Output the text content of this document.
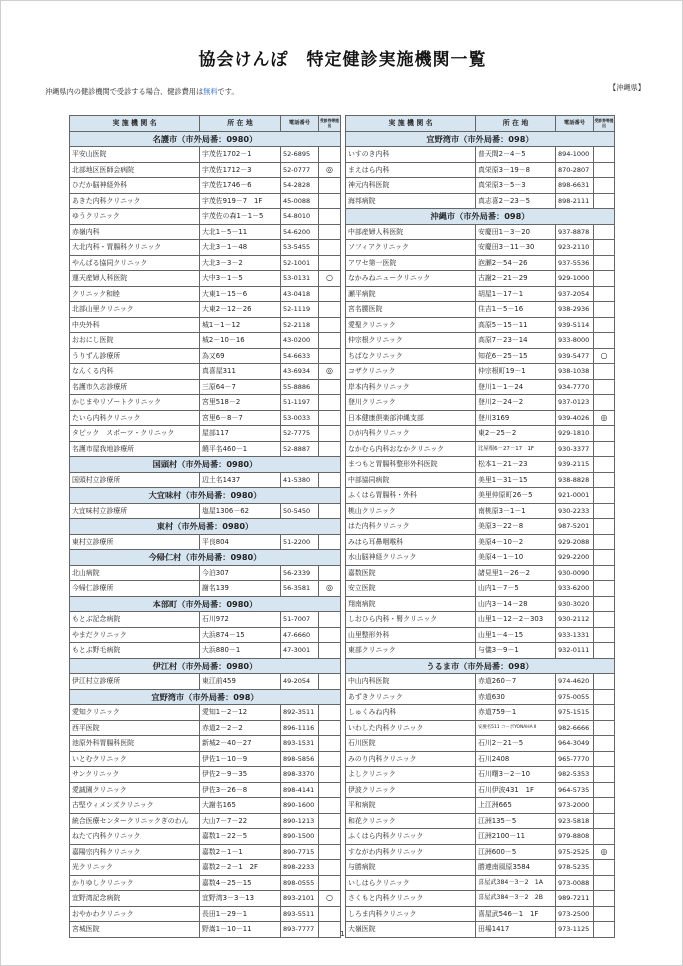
協会けんぽ　特定健診実施機関一覧
沖縄県内の健診機関で受診する場合、健診費用は無料です。	【沖縄県】
実 施 機 関 名	所 在 地	電話番号	受診券等提出
名護市（市外局番：0980）			
平安山医院	宇茂佐1702－1	52-6895	
北部地区医師会病院	宇茂佐1712－3	52-0777	◎
ひだか脳神経外科	宇茂佐1746－6	54-2828	
あきた内科クリニック	宇茂佐919－7　1F	45-0088	
ゆうクリニック	宇茂佐の森1－1－5	54-8010	
赤嶺内科	大北1－5－11	54-6200	
大北内科・胃腸科クリニック	大北3－1－48	53-5455	
やんばる協同クリニック	大北3－3－2	52-1001	
運天産婦人科医院	大中3－1－5	53-0131	○
クリニック和睦	大東1－15－6	43-0418	
北部山里クリニック	大東2－12－26	52-1119	
中央外科	城1－1－12	52-2118	
おおにし医院	城2－10－16	43-0200	
うりずん診療所	為又69	54-6633	
なんくる内科	真喜屋311	43-6934	◎
名護市久志診療所	三原64－7	55-8886	
かじまやリゾートクリニック	宮里518－2	51-1197	
たいら内科クリニック	宮里6－8－7	53-0033	
タピック　スポーツ・クリニック	屋部117	52-7775	
名護市屋我地診療所	饒平名460－1	52-8887	
国頭村（市外局番：0980）			
国頭村立診療所	辺土名1437	41-5380	
大宜味村（市外局番：0980）			
大宜味村立診療所	塩屋1306－62	50-5450	
東村（市外局番：0980）			
東村立診療所	平良804	51-2200	
今帰仁村（市外局番：0980）			
北山病院	今泊307	56-2339	
今帰仁診療所	謝名139	56-3581	◎
本部町（市外局番：0980）			
もとぶ記念病院	石川972	51-7007	
やまだクリニック	大浜874－15	47-6660	
もとぶ野毛病院	大浜880－1	47-3001	
伊江村（市外局番：0980）			
伊江村立診療所	東江前459	49-2054	
宜野湾市（市外局番：098）			
愛知クリニック	愛知1－2－12	892-3511	
西平医院	赤道2－2－2	896-1116	
池原外科胃腸科医院	新城2－40－27	893-1531	
いとむクリニック	伊佐1－10－9	898-5856	
サンクリニック	伊佐2－9－35	898-3370	
愛誠園クリニック	伊佐3－26－8	898-4141	
古堅ウィメンズクリニック	大謝名165	890-1600	
統合医療センタークリニックぎのわん	大山7－7－22	890-1213	
ねたて内科クリニック	嘉数1－22－5	890-1500	
嘉陽宗内科クリニック	嘉数2－1－1	890-7715	
光クリニック	嘉数2－2－1　2F	898-2233	
かりゆしクリニック	嘉数4－25－15	898-0555	
宜野湾記念病院	宜野湾3－3－13	893-2101	○
おやかわクリニック	長田1－29－1	893-5511	
宮城医院	野嵩1－10－11	893-7777	
実 施 機 関 名	所 在 地	電話番号	受診券等提出
宜野湾市（市外局番：098）			
いすのき内科	普天間2－4－5	894-1000	
まえはら内科	真栄原3－19－8	870-2807	
神元内科医院	真栄原3－5－3	898-6631	
海邦病院	真志喜2－23－5	898-2111	
沖縄市（市外局番：098）			
中部産婦人科医院	安慶田1－3－20	937-8878	
ソフィアクリニック	安慶田3－11－30	923-2110	
アワセ第一医院	泡瀬2－54－26	937-5536	
なかみねニュークリニック	古謝2－21－29	929-1000	
瀬平病院	胡屋1－17－1	937-2054	
宮名腰医院	住吉1－5－16	938-2936	
愛聖クリニック	高原5－15－11	939-5114	
仲宗根クリニック	高原7－23－14	933-8000	
ちばなクリニック	知花6－25－15	939-5477	○
コザクリニック	仲宗根町19－1	938-1038	
岸本内科クリニック	登川1－1－24	934-7770	
登川クリニック	登川2－24－2	937-0123	
日本健康倶楽部沖縄支部	登川3169	939-4026	◎
ひが内科クリニック	東2－25－2	929-1810	
なかむら内科おなかクリニック	比屋根6－27－17　1F	930-3377	
まつもと胃腸科整形外科医院	松本1－21－23	939-2115	
中部協同病院	美里1－31－15	938-8828	
ふくはら胃腸科・外科	美里仲原町26－5	921-0001	
桃山クリニック	南桃原3－1－1	930-2233	
はた内科クリニック	美原3－22－8	987-5201	
みはら耳鼻咽喉科	美原4－10－2	929-2088	
水山脳神経クリニック	美原4－1－10	929-2200	
嘉数医院	諸見里1－26－2	930-0090	
安立医院	山内1－7－5	933-6200	
翔南病院	山内3－14－28	930-3020	
しおひら内科・腎クリニック	山里1－12－2－303	930-2112	
山里整形外科	山里1－4－15	933-1331	
東部クリニック	与儀3－9－1	932-0111	
うるま市（市外局番：098）			
中山内科医院	赤道260－7	974-4620	
あずきクリニック	赤道630	975-0055	
しゅくみね内科	赤道759－1	975-1515	
いわした内科クリニック	安慶名511 コーポYONAHA Ⅱ	982-6666	
石川医院	石川2－21－5	964-3049	
みのり内科クリニック	石川2408	965-7770	
よしクリニック	石川曙3－2－10	982-5353	
伊波クリニック	石川伊波431　1F	964-5735	
平和病院	上江洲665	973-2000	
和花クリニック	江洲135－5	923-5818	
ふくはら内科クリニック	江洲2100－11	979-8808	
すながわ内科クリニック	江洲600－5	975-2525	◎
与勝病院	勝連南風原3584	978-5235	
いしはらクリニック	喜屋武384－3－2　1A	973-0088	
さくもと内科クリニック	喜屋武384－3－2　2B	989-7211	
しろま内科クリニック	喜屋武546－1　1F	973-2500	
大嶺医院	田場1417	973-1125	
1
